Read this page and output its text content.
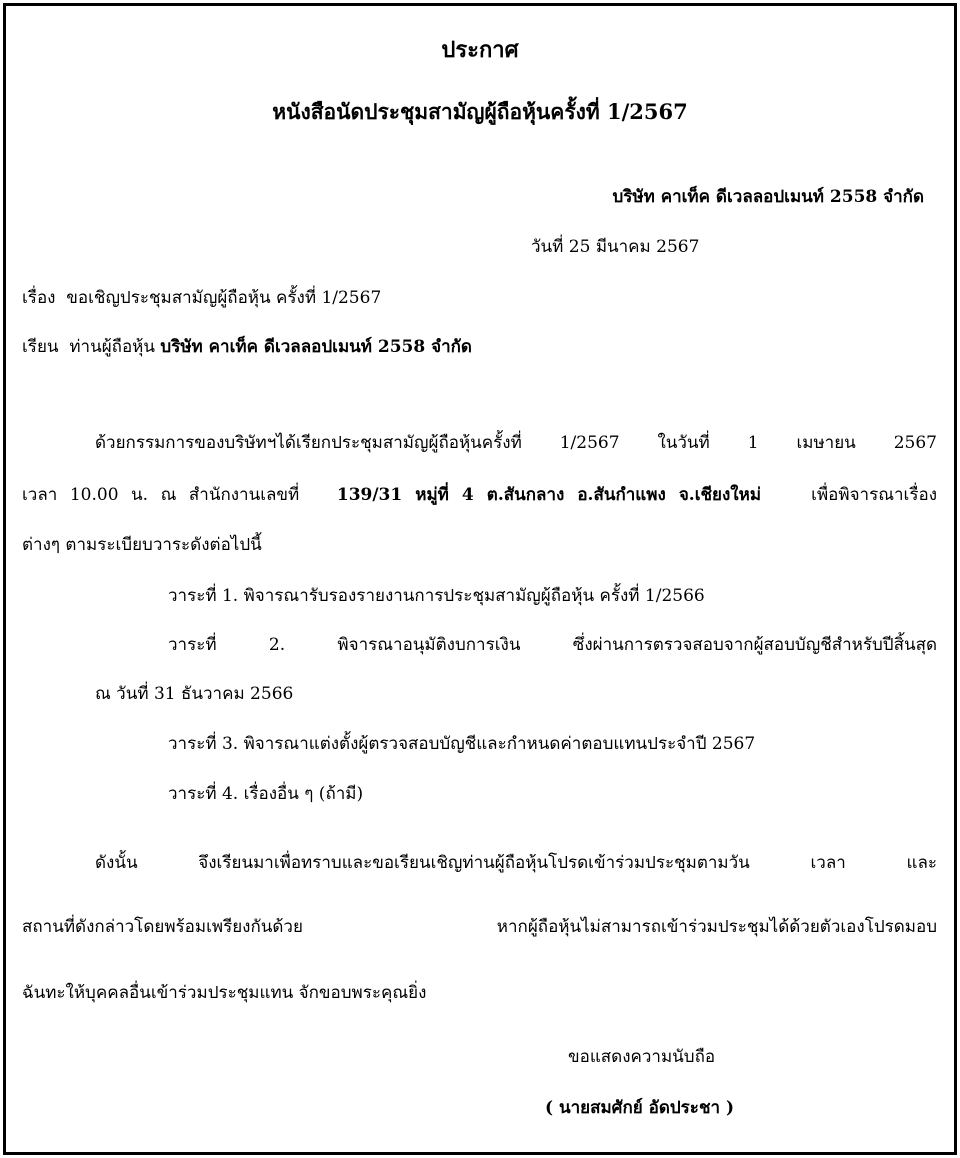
ประกาศ
หนังสือนัดประชุมสามัญผู้ถือหุ้นครั้งที่ 1/2567
บริษัท คาเท็ค ดีเวลลอปเมนท์ 2558 จำกัด
วันที่ 25 มีนาคม 2567
เรื่อง ขอเชิญประชุมสามัญผู้ถือหุ้น ครั้งที่ 1/2567
เรียน ท่านผู้ถือหุ้น บริษัท คาเท็ค ดีเวลลอปเมนท์ 2558 จำกัด
ด้วยกรรมการของบริษัทฯได้เรียกประชุมสามัญผู้ถือหุ้นครั้งที่ 1/2567 ในวันที่ 1 เมษายน 2567
เวลา 10.00 น. ณ สำนักงานเลขที่ 139/31 หมู่ที่ 4 ต.สันกลาง อ.สันกำแพง จ.เชียงใหม่	เพื่อพิจารณาเรื่อง
ต่างๆ ตามระเบียบวาระดังต่อไปนี้
วาระที่ 1. พิจารณารับรองรายงานการประชุมสามัญผู้ถือหุ้น ครั้งที่ 1/2566
วาระที่ 2. พิจารณาอนุมัติงบการเงิน ซึ่งผ่านการตรวจสอบจากผู้สอบบัญชีสำหรับปีสิ้นสุด
ณ วันที่ 31 ธันวาคม 2566
วาระที่ 3. พิจารณาแต่งตั้งผู้ตรวจสอบบัญชีและกำหนดค่าตอบแทนประจำปี 2567
วาระที่ 4. เรื่องอื่น ๆ (ถ้ามี)
ดังนั้น จึงเรียนมาเพื่อทราบและขอเรียนเชิญท่านผู้ถือหุ้นโปรดเข้าร่วมประชุมตามวัน เวลา และ
สถานที่ดังกล่าวโดยพร้อมเพรียงกันด้วย หากผู้ถือหุ้นไม่สามารถเข้าร่วมประชุมได้ด้วยตัวเองโปรดมอบ
ฉันทะให้บุคคลอื่นเข้าร่วมประชุมแทน จักขอบพระคุณยิ่ง
ขอแสดงความนับถือ
( นายสมศักย์ อัดประชา )
